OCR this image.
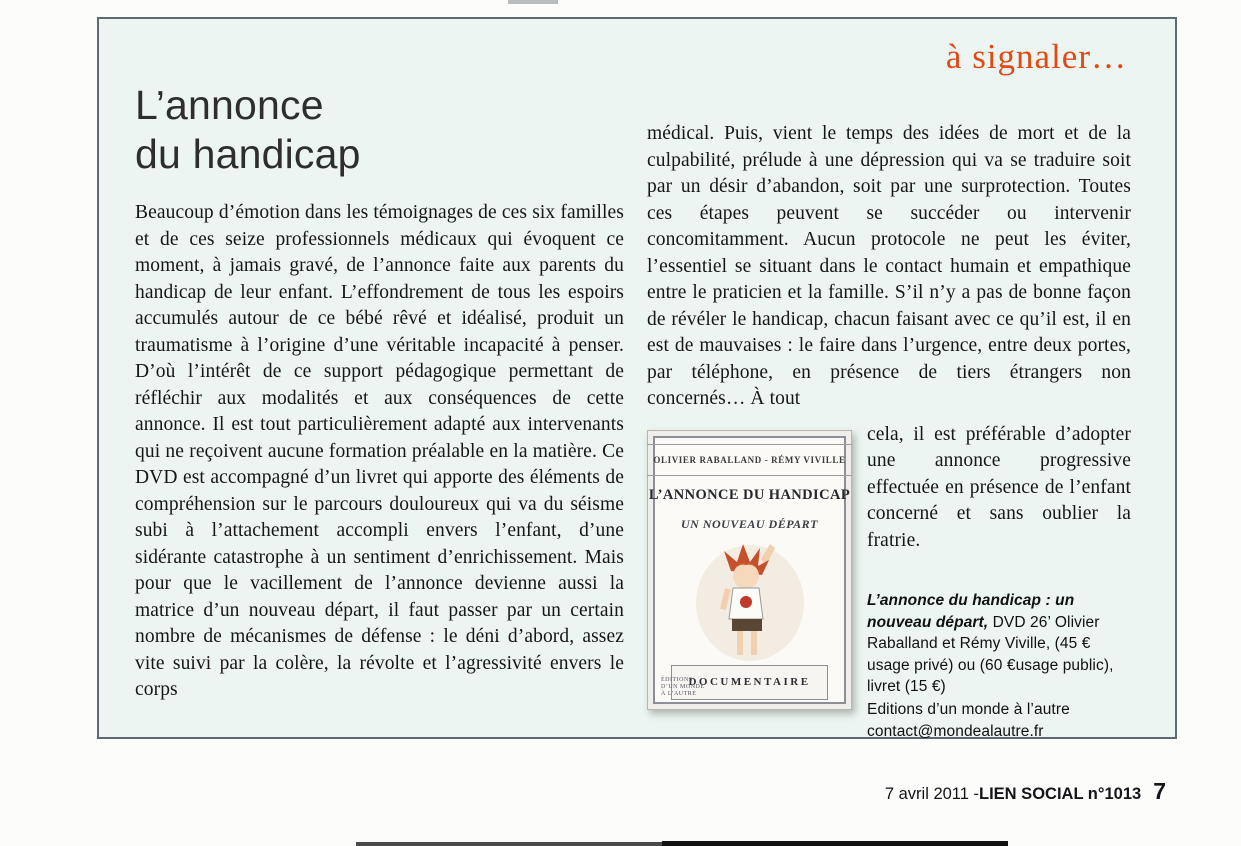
à signaler…
L’annonce
du handicap

Beaucoup d’émotion dans les témoignages de ces six familles et de ces seize professionnels médicaux qui évoquent ce moment, à jamais gravé, de l’annonce faite aux parents du handicap de leur enfant. L’effondrement de tous les espoirs accumulés autour de ce bébé rêvé et idéalisé, produit un traumatisme à l’origine d’une véritable incapacité à penser. D’où l’intérêt de ce support pédagogique permettant de réfléchir aux modalités et aux conséquences de cette annonce. Il est tout particulièrement adapté aux intervenants qui ne reçoivent aucune formation préalable en la matière. Ce DVD est accompagné d’un livret qui apporte des éléments de compréhension sur le parcours douloureux qui va du séisme subi à l’attachement accompli envers l’enfant, d’une sidérante catastrophe à un sentiment d’enrichissement. Mais pour que le vacillement de l’annonce devienne aussi la matrice d’un nouveau départ, il faut passer par un certain nombre de mécanismes de défense : le déni d’abord, assez vite suivi par la colère, la révolte et l’agressivité envers le corps

médical. Puis, vient le temps des idées de mort et de la culpabilité, prélude à une dépression qui va se traduire soit par un désir d’abandon, soit par une surprotection. Toutes ces étapes peuvent se succéder ou intervenir concomitamment. Aucun protocole ne peut les éviter, l’essentiel se situant dans le contact humain et empathique entre le praticien et la famille. S’il n’y a pas de bonne façon de révéler le handicap, chacun faisant avec ce qu’il est, il en est de mauvaises : le faire dans l’urgence, entre deux portes, par téléphone, en présence de tiers étrangers non concernés… À tout

OLIVIER RABALLAND - RÉMY VIVILLE
L’ANNONCE DU HANDICAP
UN NOUVEAU DÉPART
DOCUMENTAIRE
ÉDITIONS
D’UN MONDE
À L’AUTRE

cela, il est préférable d’adopter une annonce progressive effectuée en présence de l’enfant concerné et sans oublier la fratrie.

L’annonce du handicap : un nouveau départ, DVD 26’ Olivier Raballand et Rémy Viville, (45 € usage privé) ou (60 €usage public), livret (15 €)

Editions d’un monde à l’autre
contact@mondealautre.fr
7 avril 2011 - LIEN SOCIAL n°1013 7
